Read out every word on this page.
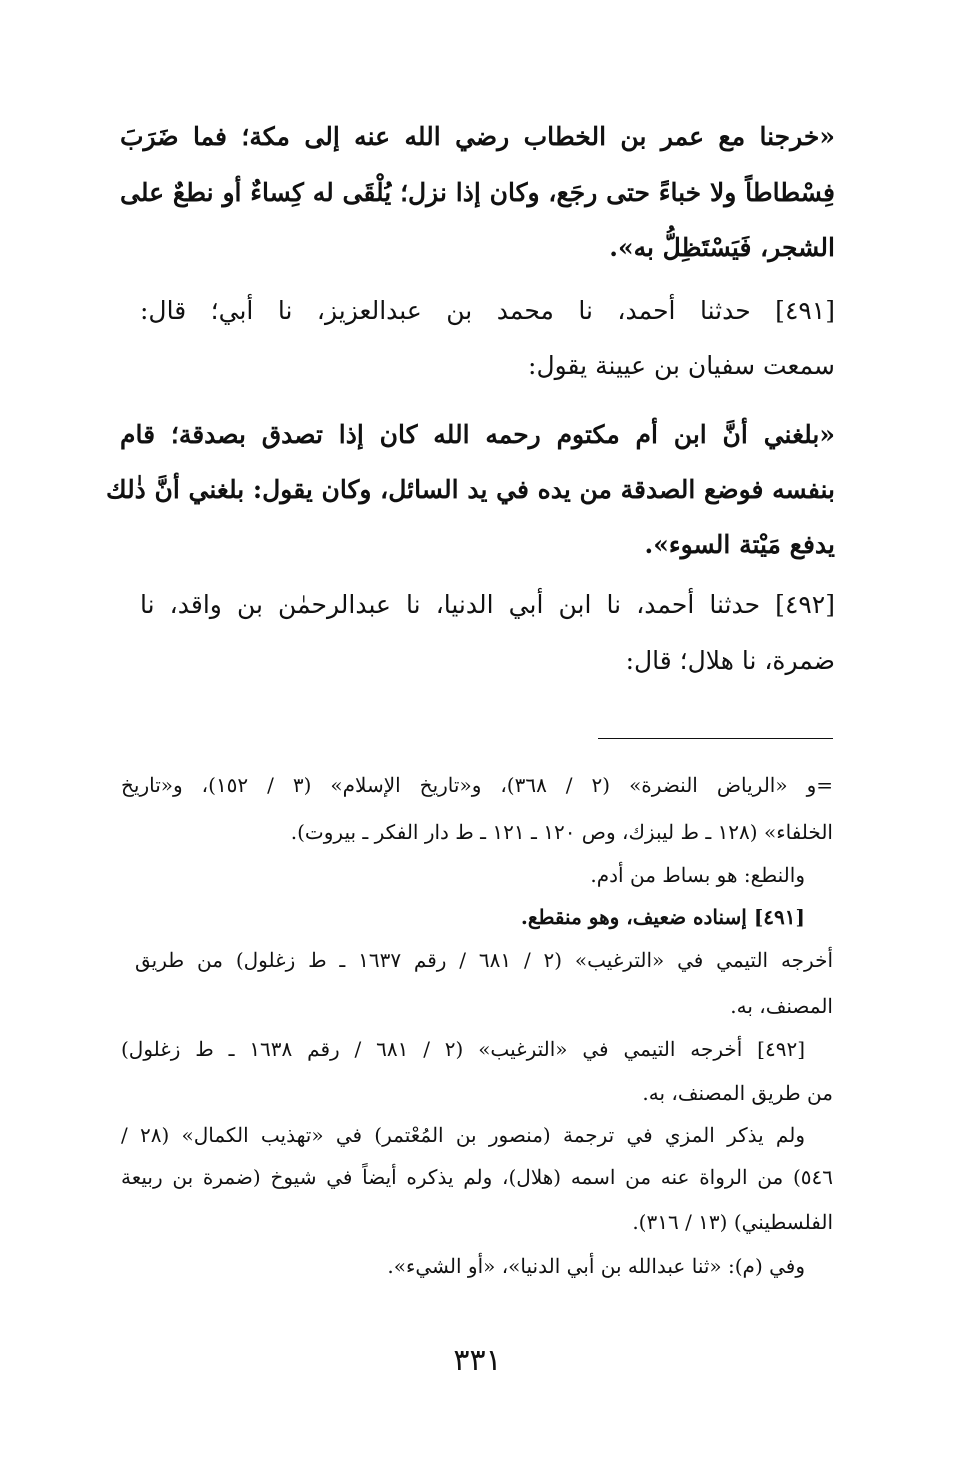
«خرجنا مع عمر بن الخطاب رضي الله عنه إلى مكة؛ فما ضَرَبَ
فِسْطاطاً ولا خباءً حتى رجَع، وكان إذا نزل؛ يُلْقَى له كِساءٌ أو نطعٌ على
الشجر، فَيَسْتَظِلُّ به».
[٤٩١] حدثنا أحمد، نا محمد بن عبدالعزيز، نا أبي؛ قال:
سمعت سفيان بن عيينة يقول:
«بلغني أنَّ ابن أم مكتوم رحمه الله كان إذا تصدق بصدقة؛ قام
بنفسه فوضع الصدقة من يده في يد السائل، وكان يقول: بلغني أنَّ ذٰلك
يدفع مَيْتة السوء».
[٤٩٢] حدثنا أحمد، نا ابن أبي الدنيا، نا عبدالرحمٰن بن واقد، نا
ضمرة، نا هلال؛ قال:
=و «الرياض النضرة» (٢ / ٣٦٨)، و«تاريخ الإسلام» (٣ / ١٥٢)، و«تاريخ
الخلفاء» (١٢٨ ـ ط ليبزك، وص ١٢٠ ـ ١٢١ ـ ط دار الفكر ـ بيروت).
والنطع: هو بساط من أدم.
[٤٩١] إسناده ضعيف، وهو منقطع.
أخرجه التيمي في «الترغيب» (٢ / ٦٨١ / رقم ١٦٣٧ ـ ط زغلول) من طريق
المصنف، به.
[٤٩٢] أخرجه التيمي في «الترغيب» (٢ / ٦٨١ / رقم ١٦٣٨ ـ ط زغلول)
من طريق المصنف، به.
ولم يذكر المزي في ترجمة (منصور بن المُعْتمر) في «تهذيب الكمال» (٢٨ /
٥٤٦) من الرواة عنه من اسمه (هلال)، ولم يذكره أيضاً في شيوخ (ضمرة بن ربيعة
الفلسطيني) (١٣ / ٣١٦).
وفي (م): «ثنا عبدالله بن أبي الدنيا»، «أو الشيء».
٣٣١
